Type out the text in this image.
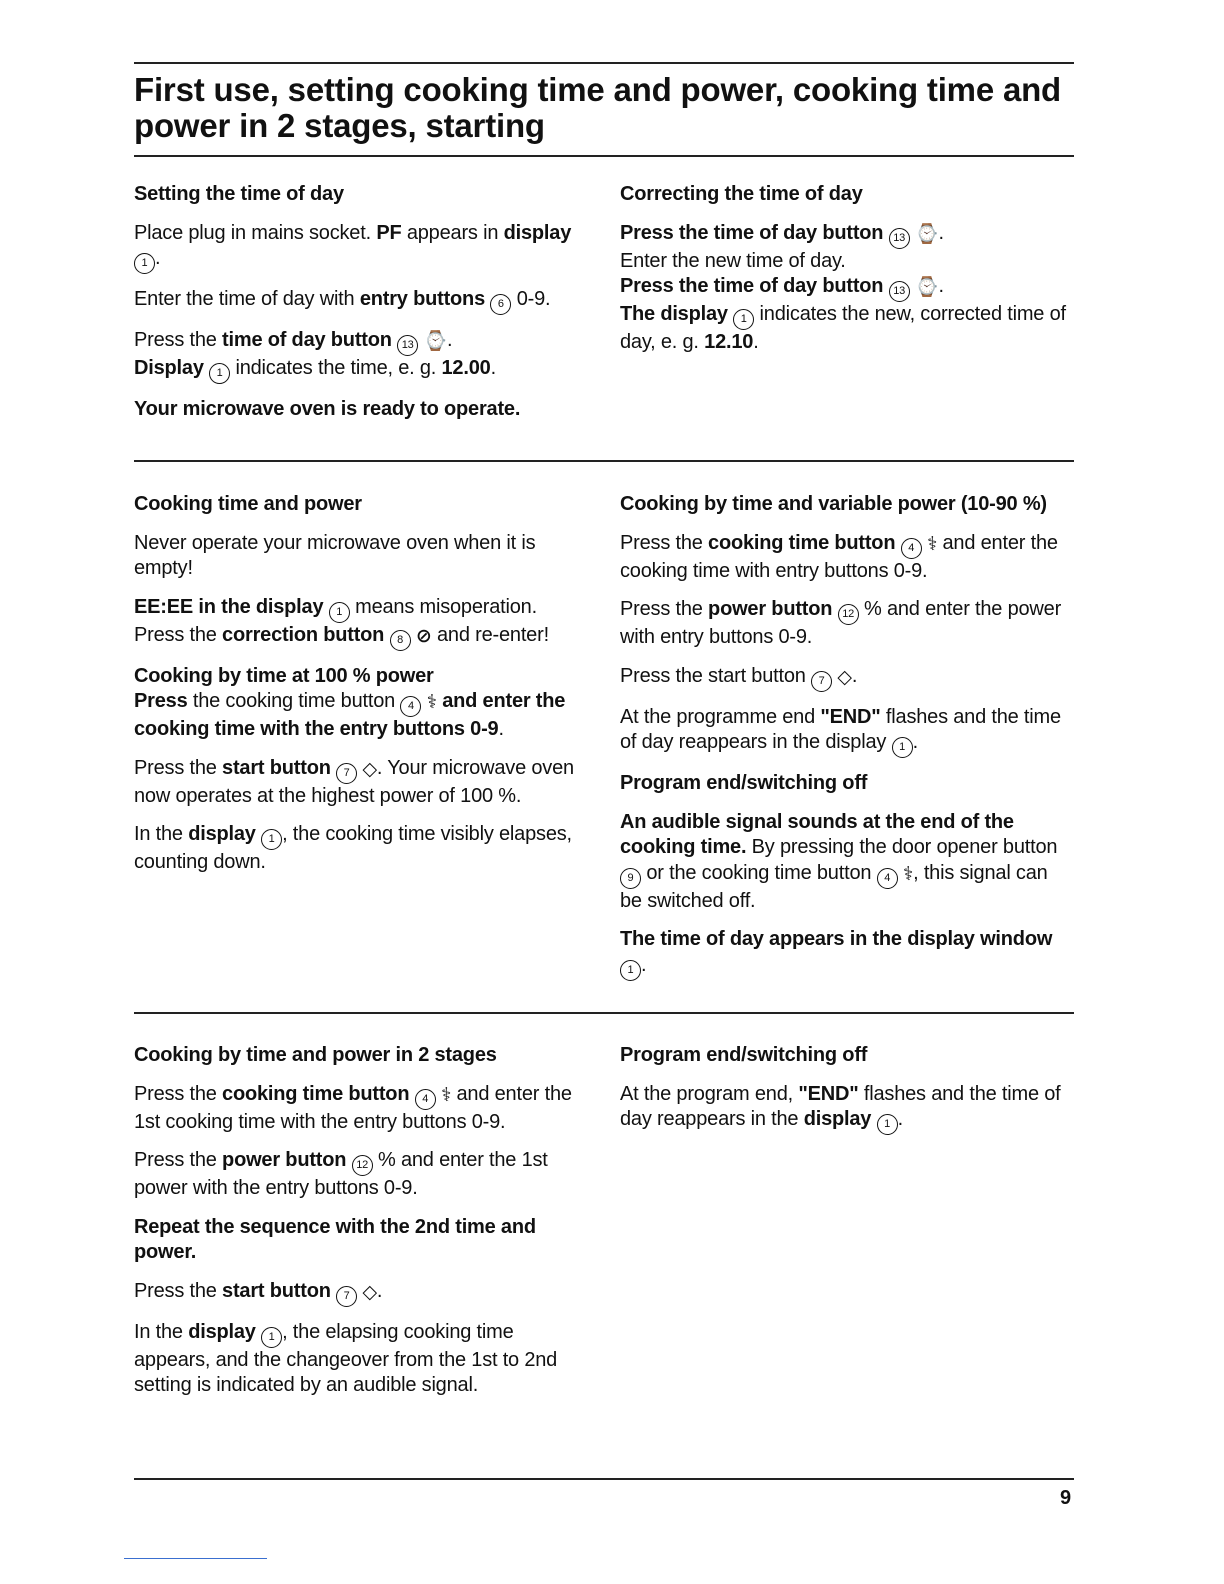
First use, setting cooking time and power, cooking time and power in 2 stages, starting
Setting the time of day

Place plug in mains socket. PF appears in display 1 .

Enter the time of day with entry buttons 6 0-9.

Press the time of day button 13 ⌚.

Display 1 indicates the time, e. g. 12.00.

Your microwave oven is ready to operate.

Correcting the time of day

Press the time of day button 13 ⌚.

Enter the new time of day.

Press the time of day button 13 ⌚.

The display 1 indicates the new, corrected time of day, e. g. 12.10.

Cooking time and power

Never operate your microwave oven when it is empty!

EE:EE in the display 1 means misoperation. Press the correction button 8 ⊘ and re-enter!

Cooking by time at 100 % power

Press the cooking time button 4 ⚕ and enter the cooking time with the entry buttons 0-9.

Press the start button 7 ◇. Your microwave oven now operates at the highest power of 100 %.

In the display 1 , the cooking time visibly elapses, counting down.

Cooking by time and variable power (10-90 %)

Press the cooking time button 4 ⚕ and enter the cooking time with entry buttons 0-9.

Press the power button 12 % and enter the power with entry buttons 0-9.

Press the start button 7 ◇.

At the programme end "END" flashes and the time of day reappears in the display 1 .

Program end/switching off

An audible signal sounds at the end of the cooking time. By pressing the door opener button 9 or the cooking time button 4 ⚕, this signal can be switched off.

The time of day appears in the display window 1 .

Cooking by time and power in 2 stages

Press the cooking time button 4 ⚕ and enter the 1st cooking time with the entry buttons 0-9.

Press the power button 12 % and enter the 1st power with the entry buttons 0-9.

Repeat the sequence with the 2nd time and power.

Press the start button 7 ◇.

In the display 1 , the elapsing cooking time appears, and the changeover from the 1st to 2nd setting is indicated by an audible signal.

Program end/switching off

At the program end, "END" flashes and the time of day reappears in the display 1 .

9
